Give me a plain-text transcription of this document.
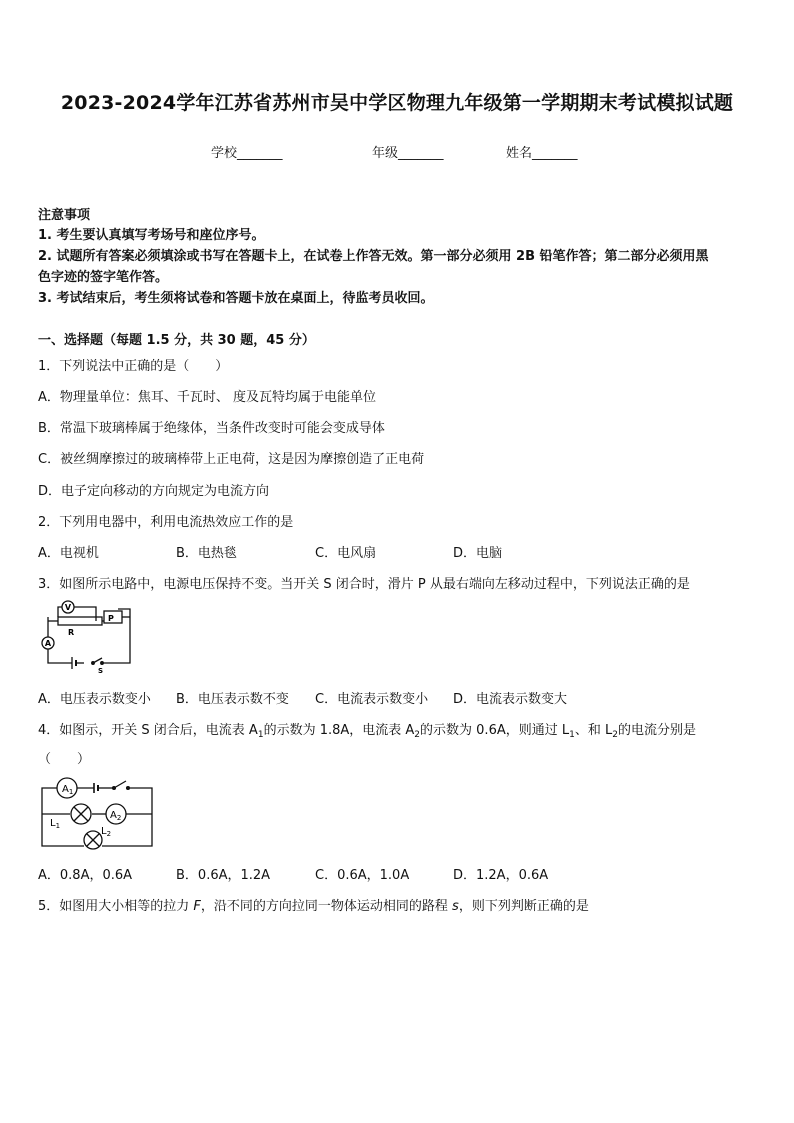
2023-2024学年江苏省苏州市吴中学区物理九年级第一学期期末考试模拟试题
学校_______	年级_______	姓名_______
注意事项
1. 考生要认真填写考场号和座位序号。
2. 试题所有答案必须填涂或书写在答题卡上，在试卷上作答无效。第一部分必须用 2B 铅笔作答；第二部分必须用黑
色字迹的签字笔作答。
3. 考试结束后，考生须将试卷和答题卡放在桌面上，待监考员收回。
一、选择题（每题 1.5 分，共 30 题，45 分）
1．下列说法中正确的是（　　）
A．物理量单位：焦耳、千瓦时、 度及瓦特均属于电能单位
B．常温下玻璃棒属于绝缘体，当条件改变时可能会变成导体
C．被丝绸摩擦过的玻璃棒带上正电荷，这是因为摩擦创造了正电荷
D．电子定向移动的方向规定为电流方向
2．下列用电器中，利用电流热效应工作的是
A．电视机	B．电热毯	C．电风扇	D．电脑
3．如图所示电路中，电源电压保持不变。当开关 S 闭合时，滑片 P 从最右端向左移动过程中，下列说法正确的是
V
A
R
P
S
A．电压表示数变小 B．电压表示数不变 C．电流表示数变小 D．电流表示数变大
4．如图示，开关 S 闭合后，电流表 $A_1$的示数为 1.8A，电流表 $A_2$的示数为 0.6A，则通过 $L_1$、和 $L_2$的电流分别是
（　　）
$A_1$
$A_2$
$L_1$	$L_2$
A．0.8A，0.6A	B．0.6A，1.2A	C．0.6A，1.0A	D．1.2A，0.6A
5．如图用大小相等的拉力 F，沿不同的方向拉同一物体运动相同的路程 s，则下列判断正确的是
